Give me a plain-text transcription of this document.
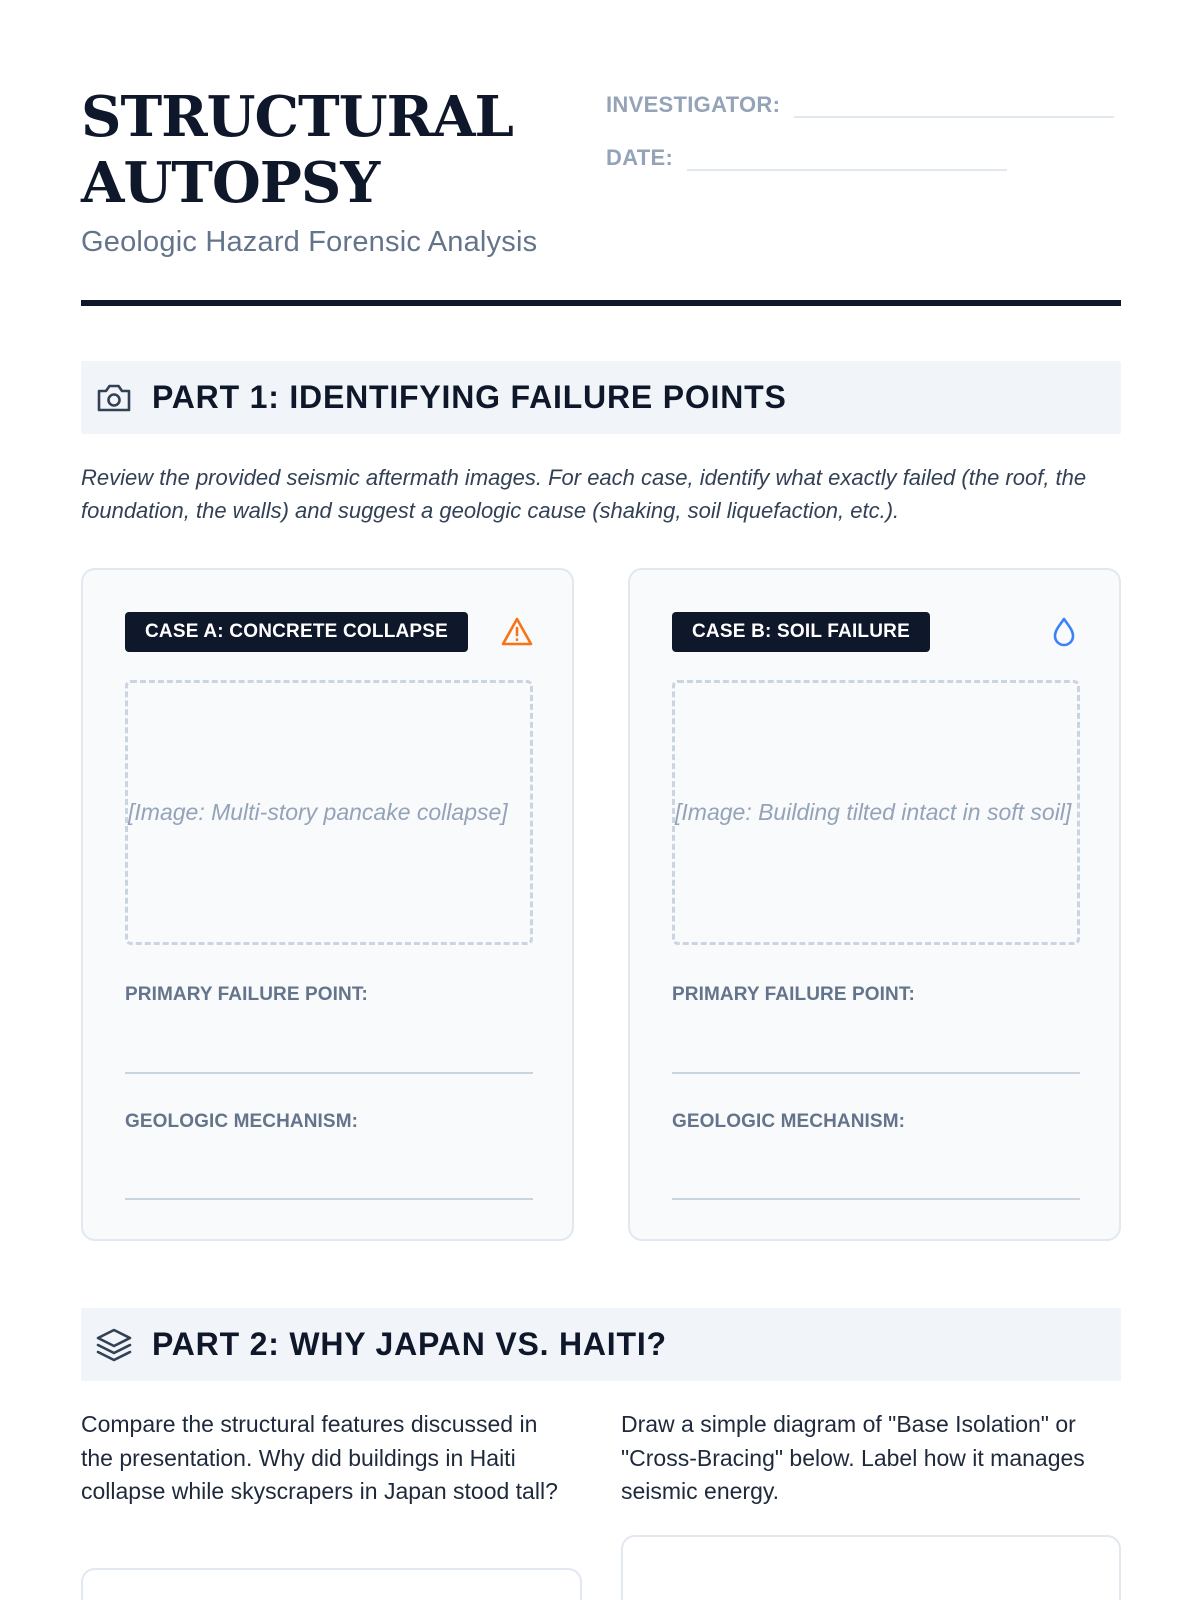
STRUCTURAL
AUTOPSY
Geologic Hazard Forensic Analysis
INVESTIGATOR:
DATE:
PART 1: IDENTIFYING FAILURE POINTS
Review the provided seismic aftermath images. For each case, identify what exactly failed (the roof, the foundation, the walls) and suggest a geologic cause (shaking, soil liquefaction, etc.).
CASE A: CONCRETE COLLAPSE
[Image: Multi-story pancake collapse]
PRIMARY FAILURE POINT:
GEOLOGIC MECHANISM:
CASE B: SOIL FAILURE
[Image: Building tilted intact in soft soil]
PRIMARY FAILURE POINT:
GEOLOGIC MECHANISM:
PART 2: WHY JAPAN VS. HAITI?
Compare the structural features discussed in the presentation. Why did buildings in Haiti collapse while skyscrapers in Japan stood tall?
Draw a simple diagram of "Base Isolation" or "Cross-Bracing" below. Label how it manages seismic energy.
